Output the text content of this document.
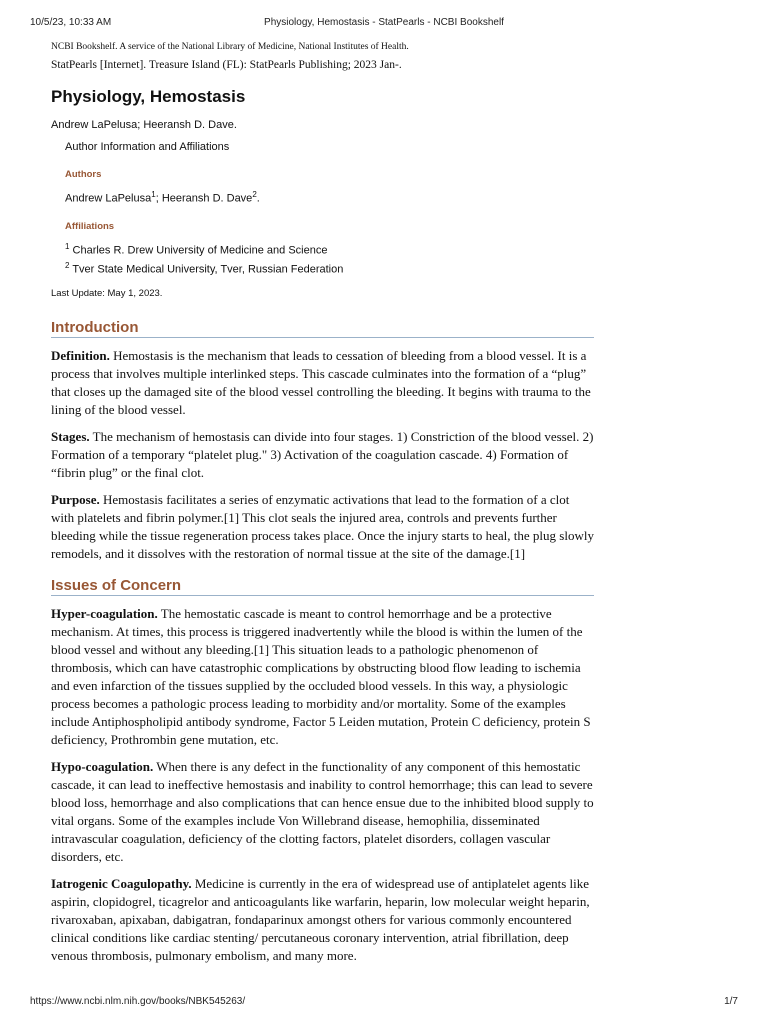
10/5/23, 10:33 AM	Physiology, Hemostasis - StatPearls - NCBI Bookshelf

NCBI Bookshelf. A service of the National Library of Medicine, National Institutes of Health.

StatPearls [Internet]. Treasure Island (FL): StatPearls Publishing; 2023 Jan-.

Physiology, Hemostasis

Andrew LaPelusa; Heeransh D. Dave.

Author Information and Affiliations

Authors

Andrew LaPelusa$^1$; Heeransh D. Dave$^2$.

Affiliations

$^1$ Charles R. Drew University of Medicine and Science

$^2$ Tver State Medical University, Tver, Russian Federation

Last Update: May 1, 2023.

Introduction

Definition. Hemostasis is the mechanism that leads to cessation of bleeding from a blood vessel. It is a process that involves multiple interlinked steps. This cascade culminates into the formation of a “plug” that closes up the damaged site of the blood vessel controlling the bleeding. It begins with trauma to the lining of the blood vessel.

Stages. The mechanism of hemostasis can divide into four stages. 1) Constriction of the blood vessel. 2) Formation of a temporary “platelet plug." 3) Activation of the coagulation cascade. 4) Formation of “fibrin plug” or the final clot.

Purpose. Hemostasis facilitates a series of enzymatic activations that lead to the formation of a clot with platelets and fibrin polymer.[1] This clot seals the injured area, controls and prevents further bleeding while the tissue regeneration process takes place. Once the injury starts to heal, the plug slowly remodels, and it dissolves with the restoration of normal tissue at the site of the damage.[1]

Issues of Concern

Hyper-coagulation. The hemostatic cascade is meant to control hemorrhage and be a protective mechanism. At times, this process is triggered inadvertently while the blood is within the lumen of the blood vessel and without any bleeding.[1] This situation leads to a pathologic phenomenon of thrombosis, which can have catastrophic complications by obstructing blood flow leading to ischemia and even infarction of the tissues supplied by the occluded blood vessels. In this way, a physiologic process becomes a pathologic process leading to morbidity and/or mortality. Some of the examples include Antiphospholipid antibody syndrome, Factor 5 Leiden mutation, Protein C deficiency, protein S deficiency, Prothrombin gene mutation, etc.

Hypo-coagulation. When there is any defect in the functionality of any component of this hemostatic cascade, it can lead to ineffective hemostasis and inability to control hemorrhage; this can lead to severe blood loss, hemorrhage and also complications that can hence ensue due to the inhibited blood supply to vital organs. Some of the examples include Von Willebrand disease, hemophilia, disseminated intravascular coagulation, deficiency of the clotting factors, platelet disorders, collagen vascular disorders, etc.

Iatrogenic Coagulopathy. Medicine is currently in the era of widespread use of antiplatelet agents like aspirin, clopidogrel, ticagrelor and anticoagulants like warfarin, heparin, low molecular weight heparin, rivaroxaban, apixaban, dabigatran, fondaparinux amongst others for various commonly encountered clinical conditions like cardiac stenting/ percutaneous coronary intervention, atrial fibrillation, deep venous thrombosis, pulmonary embolism, and many more.

https://www.ncbi.nlm.nih.gov/books/NBK545263/	1/7
